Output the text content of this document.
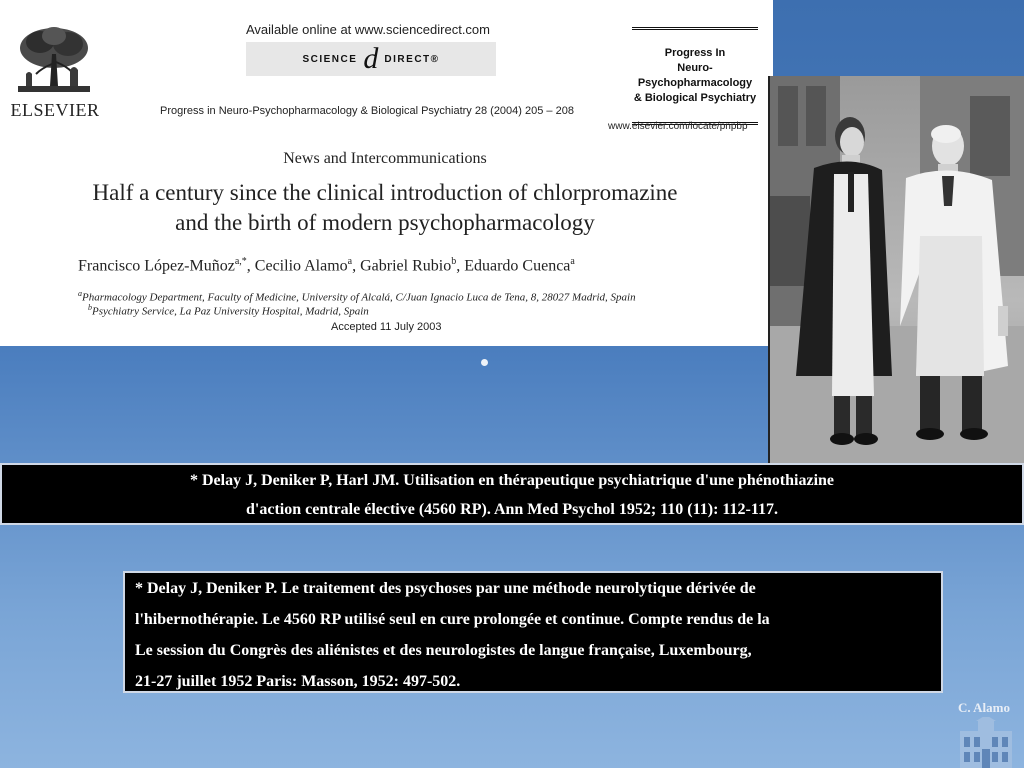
ELSEVIER
Available online at www.sciencedirect.com
SCIENCE d DIRECT®
Progress in Neuro-Psychopharmacology & Biological Psychiatry 28 (2004) 205 – 208
Progress In
Neuro-Psychopharmacology
& Biological Psychiatry
www.elsevier.com/locate/pnpbp
News and Intercommunications
Half a century since the clinical introduction of chlorpromazine
and the birth of modern psychopharmacology
Francisco López-Muñoz$^{a,*}$, Cecilio Alamo$^a$, Gabriel Rubio$^b$, Eduardo Cuenca$^a$
$^a$Pharmacology Department, Faculty of Medicine, University of Alcalá, C/Juan Ignacio Luca de Tena, 8, 28027 Madrid, Spain
$^b$Psychiatry Service, La Paz University Hospital, Madrid, Spain
Accepted 11 July 2003
* Delay J, Deniker P, Harl JM. Utilisation en thérapeutique psychiatrique d'une phénothiazine
d'action centrale élective (4560 RP). Ann Med Psychol 1952; 110 (11): 112-117.
* Delay J, Deniker P. Le traitement des psychoses par une méthode neurolytique dérivée de
l'hibernothérapie. Le 4560 RP utilisé seul en cure prolongée et continue. Compte rendus de la
Le session du Congrès des aliénistes et des neurologistes de langue française, Luxembourg,
21-27 juillet 1952 Paris: Masson, 1952: 497-502.
C. Alamo
